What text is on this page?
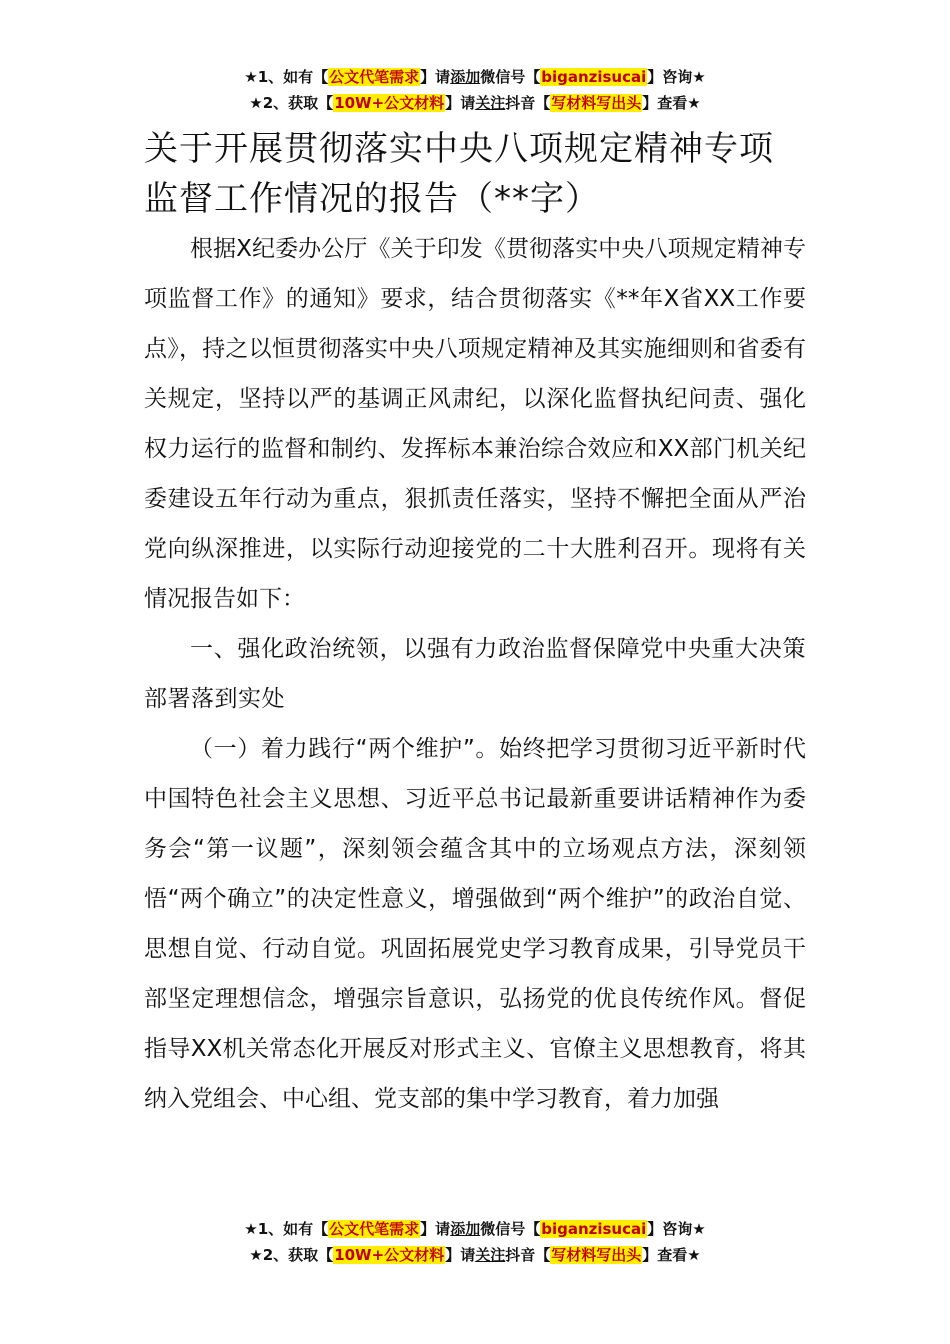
★1、如有【公文代笔需求】请添加微信号【biganzisucai】咨询★
★2、获取【10W+公文材料】请关注抖音【写材料写出头】查看★
关于开展贯彻落实中央八项规定精神专项监督工作情况的报告（**字）

根据X纪委办公厅《关于印发《贯彻落实中央八项规定精神专项监督工作》的通知》要求，结合贯彻落实《**年X省XX工作要点》，持之以恒贯彻落实中央八项规定精神及其实施细则和省委有关规定，坚持以严的基调正风肃纪，以深化监督执纪问责、强化权力运行的监督和制约、发挥标本兼治综合效应和XX部门机关纪委建设五年行动为重点，狠抓责任落实，坚持不懈把全面从严治党向纵深推进，以实际行动迎接党的二十大胜利召开。现将有关情况报告如下：

一、强化政治统领，以强有力政治监督保障党中央重大决策部署落到实处

（一）着力践行“两个维护”。始终把学习贯彻习近平新时代中国特色社会主义思想、习近平总书记最新重要讲话精神作为委务会“第一议题”，深刻领会蕴含其中的立场观点方法，深刻领悟“两个确立”的决定性意义，增强做到“两个维护”的政治自觉、思想自觉、行动自觉。巩固拓展党史学习教育成果，引导党员干部坚定理想信念，增强宗旨意识，弘扬党的优良传统作风。督促指导XX机关常态化开展反对形式主义、官僚主义思想教育，将其纳入党组会、中心组、党支部的集中学习教育，着力加强

★1、如有【公文代笔需求】请添加微信号【biganzisucai】咨询★
★2、获取【10W+公文材料】请关注抖音【写材料写出头】查看★
